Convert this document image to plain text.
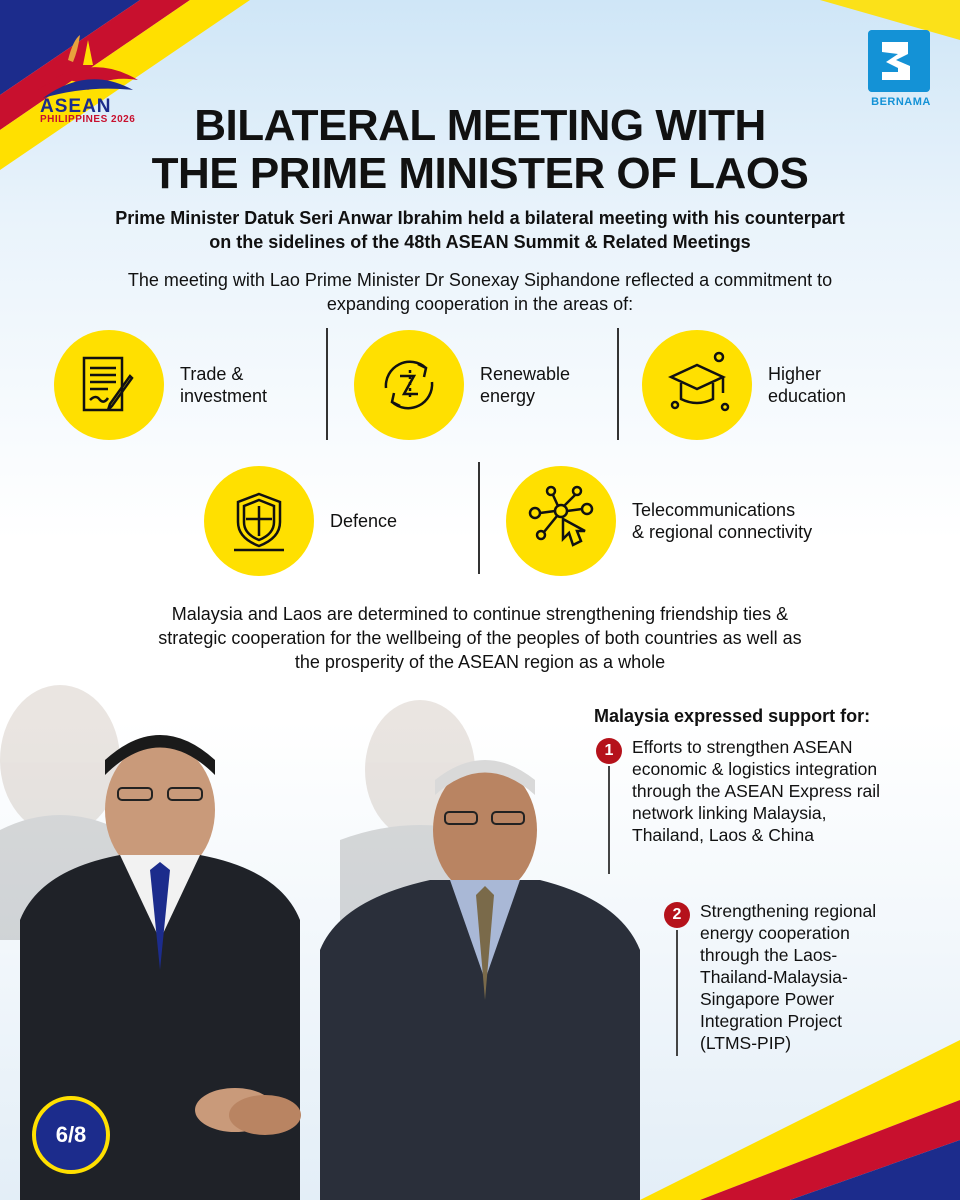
ASEAN
PHILIPPINES 2026
BERNAMA
BILATERAL MEETING WITH
THE PRIME MINISTER OF LAOS
Prime Minister Datuk Seri Anwar Ibrahim held a bilateral meeting with his counterpart
on the sidelines of the 48th ASEAN Summit & Related Meetings
The meeting with Lao Prime Minister Dr Sonexay Siphandone reflected a commitment to
expanding cooperation in the areas of:
Trade &
investment
Renewable
energy
Higher
education
Defence
Telecommunications
& regional connectivity
Malaysia and Laos are determined to continue strengthening friendship ties &
strategic cooperation for the wellbeing of the peoples of both countries as well as
the prosperity of the ASEAN region as a whole
Malaysia expressed support for:
1	Efforts to strengthen ASEAN
economic & logistics integration
through the ASEAN Express rail
network linking Malaysia,
Thailand, Laos & China
2	Strengthening regional
energy cooperation
through the Laos-
Thailand-Malaysia-
Singapore Power
Integration Project
(LTMS-PIP)
6/8
